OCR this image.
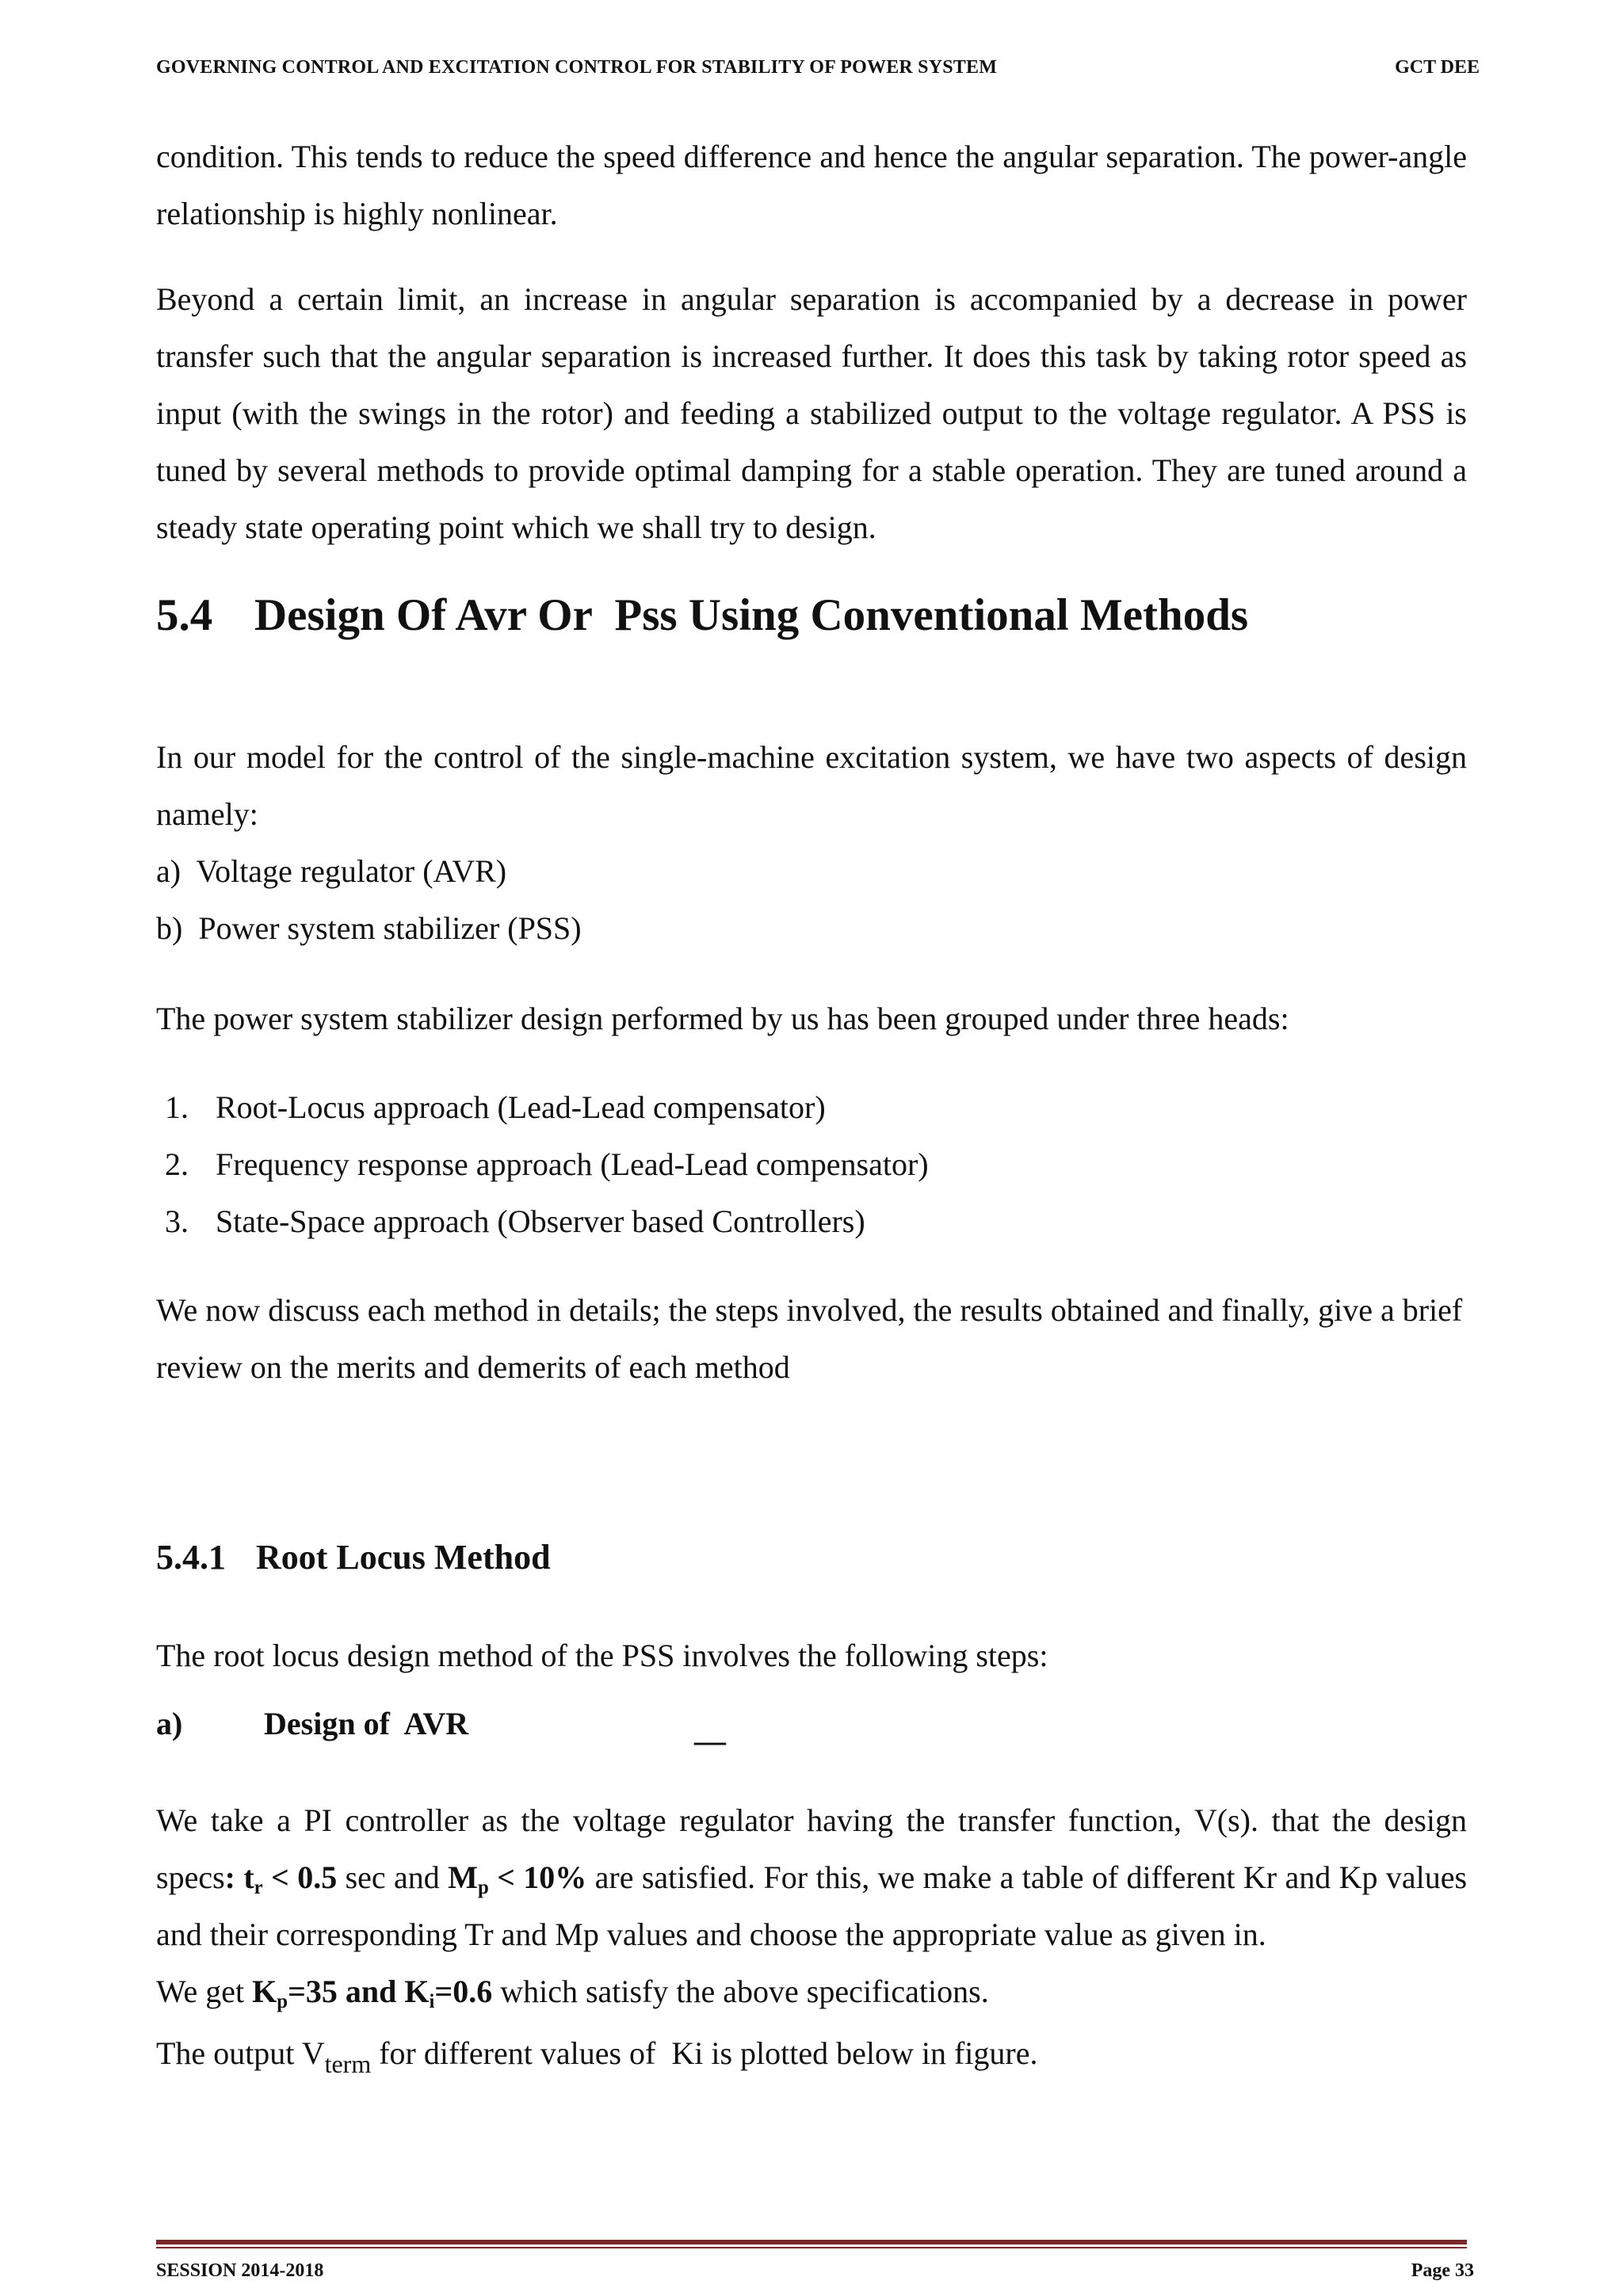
GOVERNING CONTROL AND EXCITATION CONTROL FOR STABILITY OF POWER SYSTEM	GCT DEE

condition. This tends to reduce the speed difference and hence the angular separation. The power-angle relationship is highly nonlinear.

Beyond a certain limit, an increase in angular separation is accompanied by a decrease in power transfer such that the angular separation is increased further. It does this task by taking rotor speed as input (with the swings in the rotor) and feeding a stabilized output to the voltage regulator. A PSS is tuned by several methods to provide optimal damping for a stable operation. They are tuned around a steady state operating point which we shall try to design.

5.4 Design Of Avr Or  Pss Using Conventional Methods

In our model for the control of the single-machine excitation system, we have two aspects of design namely:

a)  Voltage regulator (AVR)
b)  Power system stabilizer (PSS)

The power system stabilizer design performed by us has been grouped under three heads:

1. Root-Locus approach (Lead-Lead compensator)
2. Frequency response approach (Lead-Lead compensator)
3. State-Space approach (Observer based Controllers)

We now discuss each method in details; the steps involved, the results obtained and finally, give a brief review on the merits and demerits of each method

5.4.1 Root Locus Method

The root locus design method of the PSS involves the following steps:

a)	Design of  AVR	__

We take a PI controller as the voltage regulator having the transfer function, V(s). that the design specs: $t_r < 0.5$ sec and $M_p < 10\%$ are satisfied. For this, we make a table of different Kr and Kp values and their corresponding Tr and Mp values and choose the appropriate value as given in.

We get $K_p=35$ and $K_i=0.6$ which satisfy the above specifications.
The output $V_{term}$ for different values of  Ki is plotted below in figure.
SESSION 2014-2018	Page 33
